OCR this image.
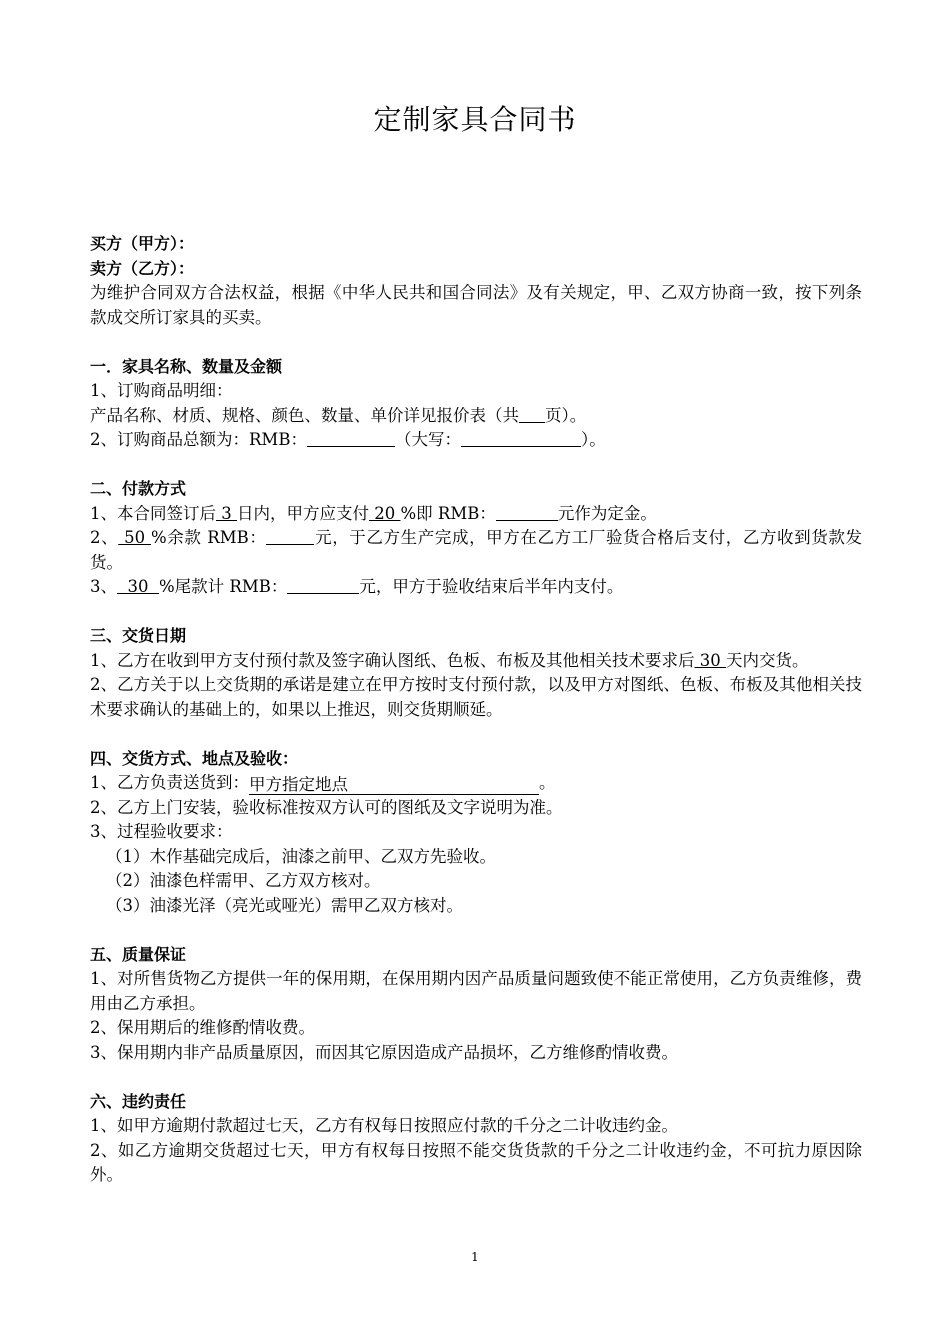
定制家具合同书
买方（甲方）：
卖方（乙方）：
为维护合同双方合法权益，根据《中华人民共和国合同法》及有关规定，甲、乙双方协商一致，按下列条款成交所订家具的买卖。
一．家具名称、数量及金额
1、订购商品明细：
产品名称、材质、规格、颜色、数量、单价详见报价表（共 页）。
2、订购商品总额为：RMB：	（大写：	）。
二、付款方式
1、本合同签订后 3 日内，甲方应支付 20 %即 RMB：	元作为定金。
2、 50 %余款 RMB：	元，于乙方生产完成，甲方在乙方工厂验货合格后支付，乙方收到货款发货。
3、  30  %尾款计 RMB：	元，甲方于验收结束后半年内支付。
三、交货日期
1、乙方在收到甲方支付预付款及签字确认图纸、色板、布板及其他相关技术要求后 30 天内交货。
2、乙方关于以上交货期的承诺是建立在甲方按时支付预付款，以及甲方对图纸、色板、布板及其他相关技术要求确认的基础上的，如果以上推迟，则交货期顺延。
四、交货方式、地点及验收：
1、乙方负责送货到：甲方指定地点	。
2、乙方上门安装，验收标准按双方认可的图纸及文字说明为准。
3、过程验收要求：
（1）木作基础完成后，油漆之前甲、乙双方先验收。
（2）油漆色样需甲、乙方双方核对。
（3）油漆光泽（亮光或哑光）需甲乙双方核对。
五、质量保证
1、对所售货物乙方提供一年的保用期，在保用期内因产品质量问题致使不能正常使用，乙方负责维修，费用由乙方承担。
2、保用期后的维修酌情收费。
3、保用期内非产品质量原因，而因其它原因造成产品损坏，乙方维修酌情收费。
六、违约责任
1、如甲方逾期付款超过七天，乙方有权每日按照应付款的千分之二计收违约金。
2、如乙方逾期交货超过七天，甲方有权每日按照不能交货货款的千分之二计收违约金，不可抗力原因除外。
1
